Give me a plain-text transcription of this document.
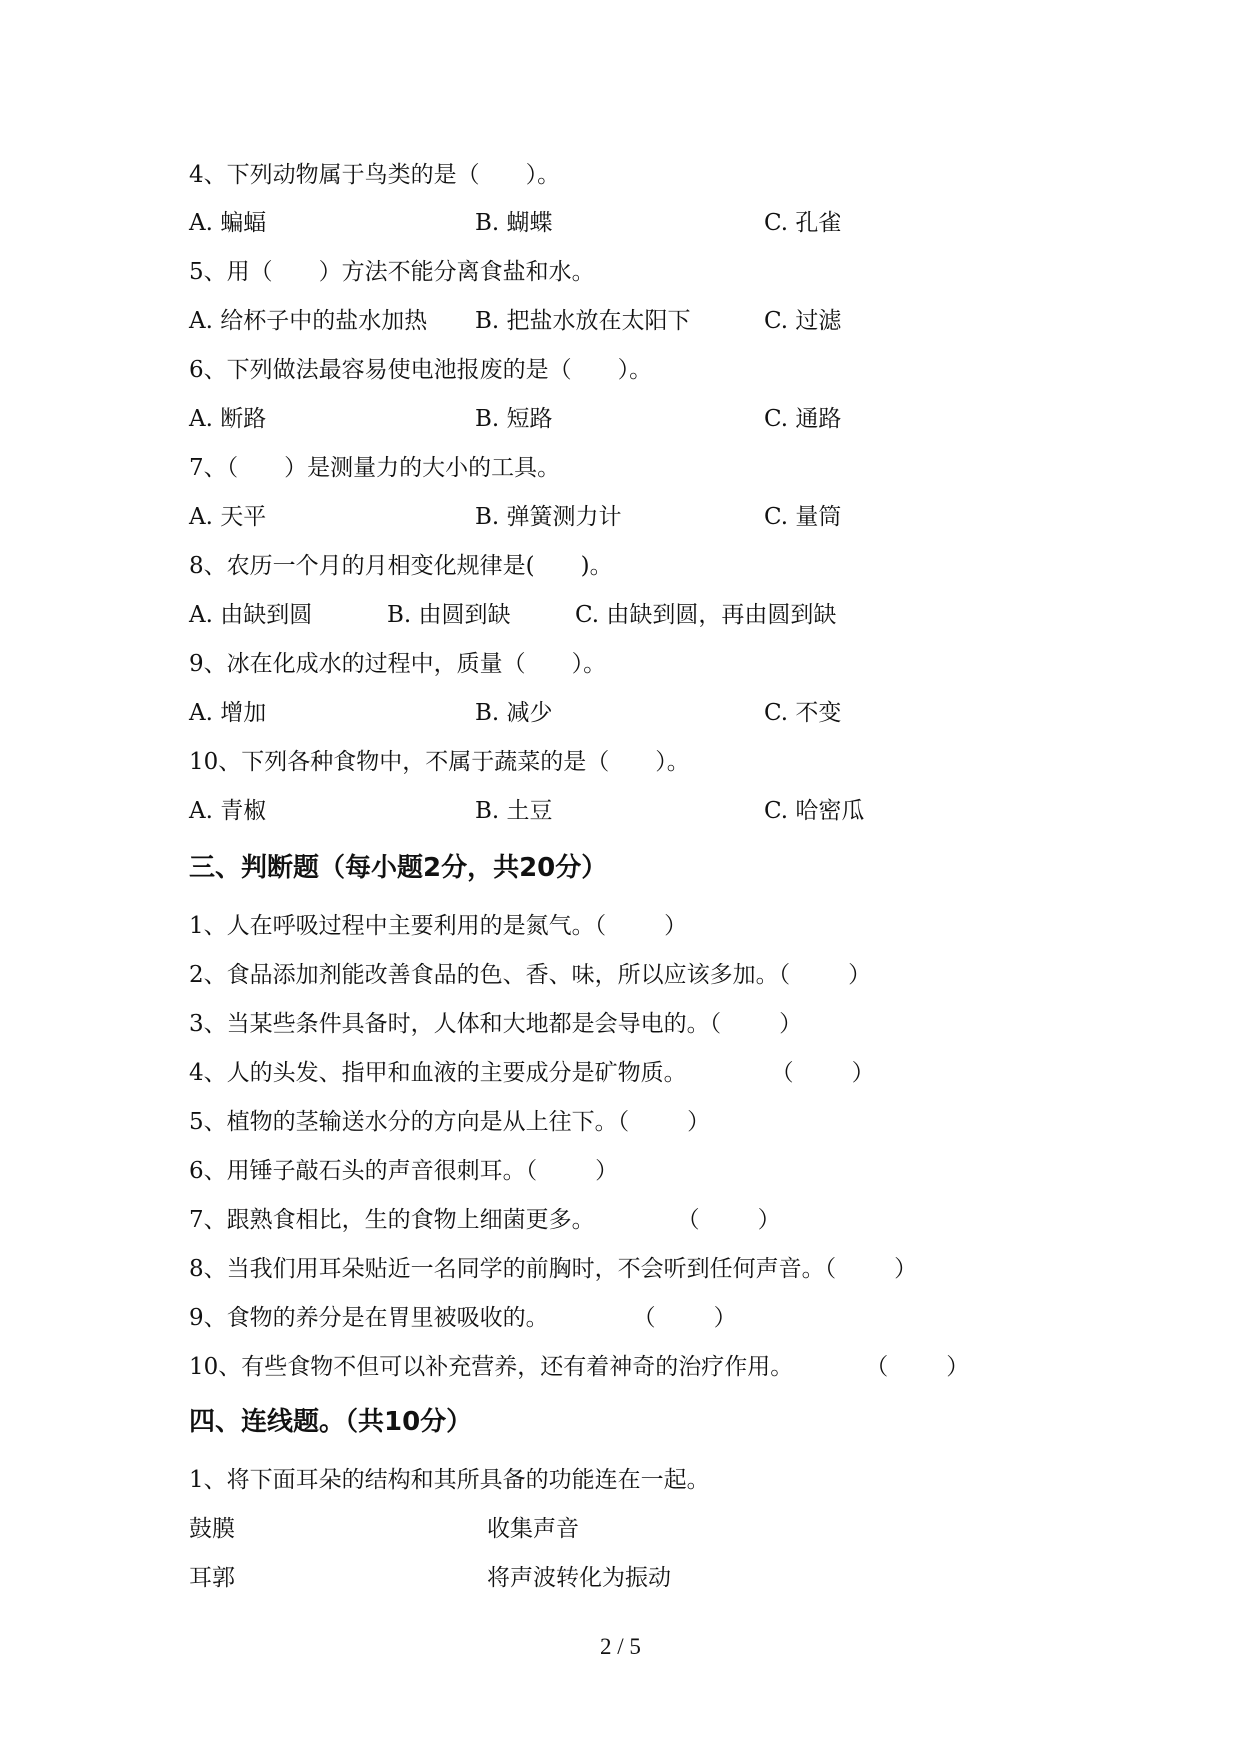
4、下列动物属于鸟类的是（　　）。
A. 蝙蝠	B. 蝴蝶	C. 孔雀
5、用（　　）方法不能分离食盐和水。
A. 给杯子中的盐水加热 B. 把盐水放在太阳下	C. 过滤
6、下列做法最容易使电池报废的是（　　）。
A. 断路	B. 短路	C. 通路
7、（　　）是测量力的大小的工具。
A. 天平	B. 弹簧测力计	C. 量筒
8、农历一个月的月相变化规律是(　　)。
A. 由缺到圆	B. 由圆到缺	C. 由缺到圆，再由圆到缺
9、冰在化成水的过程中，质量（　　）。
A. 增加	B. 减少	C. 不变
10、下列各种食物中，不属于蔬菜的是（　　）。
A. 青椒	B. 土豆	C. 哈密瓜
三、判断题（每小题2分，共20分）
1、人在呼吸过程中主要利用的是氮气。（	）
2、食品添加剂能改善食品的色、香、味，所以应该多加。（	）
3、当某些条件具备时，人体和大地都是会导电的。（	）
4、人的头发、指甲和血液的主要成分是矿物质。	（	）
5、植物的茎输送水分的方向是从上往下。（	）
6、用锤子敲石头的声音很刺耳。（	）
7、跟熟食相比，生的食物上细菌更多。	（	）
8、当我们用耳朵贴近一名同学的前胸时，不会听到任何声音。（	）
9、食物的养分是在胃里被吸收的。	（	）
10、有些食物不但可以补充营养，还有着神奇的治疗作用。	（	）
四、连线题。（共10分）
1、将下面耳朵的结构和其所具备的功能连在一起。
鼓膜	收集声音
耳郭	将声波转化为振动
2 / 5
